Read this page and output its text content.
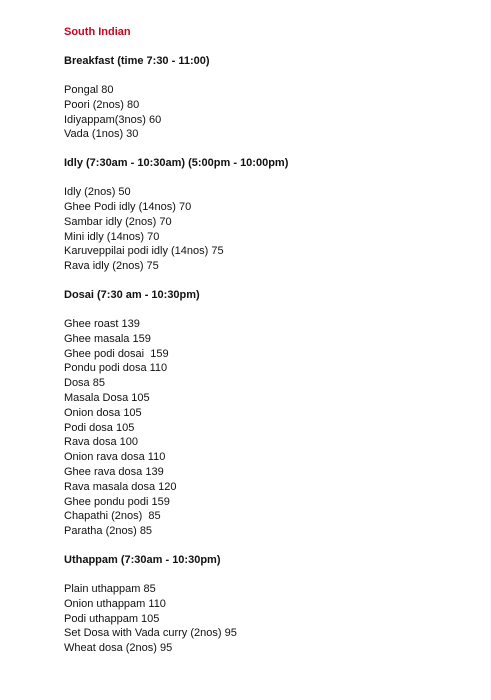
South Indian
Breakfast (time 7:30 - 11:00)
Pongal 80
Poori (2nos) 80
Idiyappam(3nos) 60
Vada (1nos) 30
Idly (7:30am - 10:30am) (5:00pm - 10:00pm)
Idly (2nos) 50
Ghee Podi idly (14nos) 70
Sambar idly (2nos) 70
Mini idly (14nos) 70
Karuveppilai podi idly (14nos) 75
Rava idly (2nos) 75
Dosai (7:30 am - 10:30pm)
Ghee roast 139
Ghee masala 159
Ghee podi dosai  159
Pondu podi dosa 110
Dosa 85
Masala Dosa 105
Onion dosa 105
Podi dosa 105
Rava dosa 100
Onion rava dosa 110
Ghee rava dosa 139
Rava masala dosa 120
Ghee pondu podi 159
Chapathi (2nos)  85
Paratha (2nos) 85
Uthappam (7:30am - 10:30pm)
Plain uthappam 85
Onion uthappam 110
Podi uthappam 105
Set Dosa with Vada curry (2nos) 95
Wheat dosa (2nos) 95
